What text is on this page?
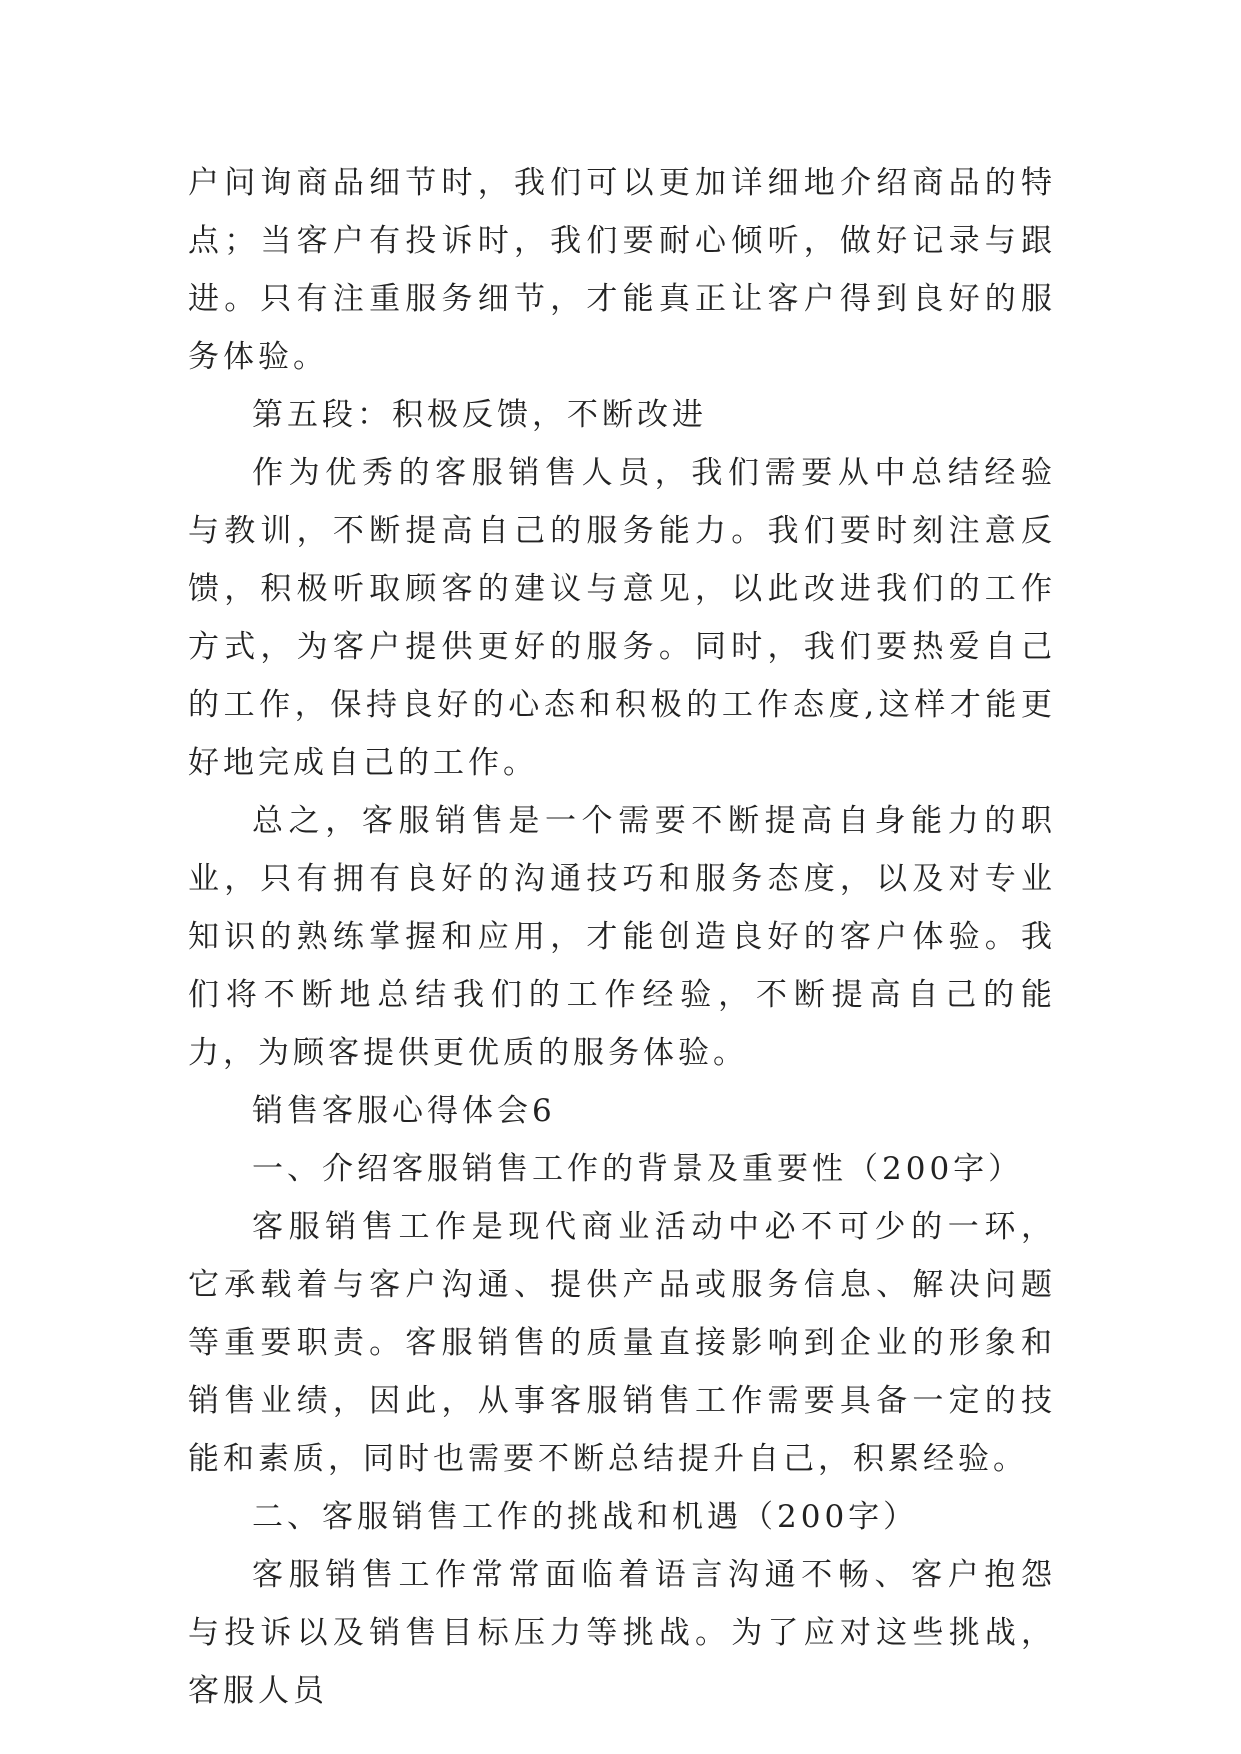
户问询商品细节时，我们可以更加详细地介绍商品的特点；当客户有投诉时，我们要耐心倾听，做好记录与跟进。只有注重服务细节，才能真正让客户得到良好的服务体验。

第五段：积极反馈，不断改进

作为优秀的客服销售人员，我们需要从中总结经验与教训，不断提高自己的服务能力。我们要时刻注意反馈，积极听取顾客的建议与意见，以此改进我们的工作方式，为客户提供更好的服务。同时，我们要热爱自己的工作，保持良好的心态和积极的工作态度,这样才能更好地完成自己的工作。

总之，客服销售是一个需要不断提高自身能力的职业，只有拥有良好的沟通技巧和服务态度，以及对专业知识的熟练掌握和应用，才能创造良好的客户体验。我们将不断地总结我们的工作经验，不断提高自己的能力，为顾客提供更优质的服务体验。

销售客服心得体会6

一、介绍客服销售工作的背景及重要性（200字）

客服销售工作是现代商业活动中必不可少的一环，它承载着与客户沟通、提供产品或服务信息、解决问题等重要职责。客服销售的质量直接影响到企业的形象和销售业绩，因此，从事客服销售工作需要具备一定的技能和素质，同时也需要不断总结提升自己，积累经验。

二、客服销售工作的挑战和机遇（200字）

客服销售工作常常面临着语言沟通不畅、客户抱怨与投诉以及销售目标压力等挑战。为了应对这些挑战，客服人员
